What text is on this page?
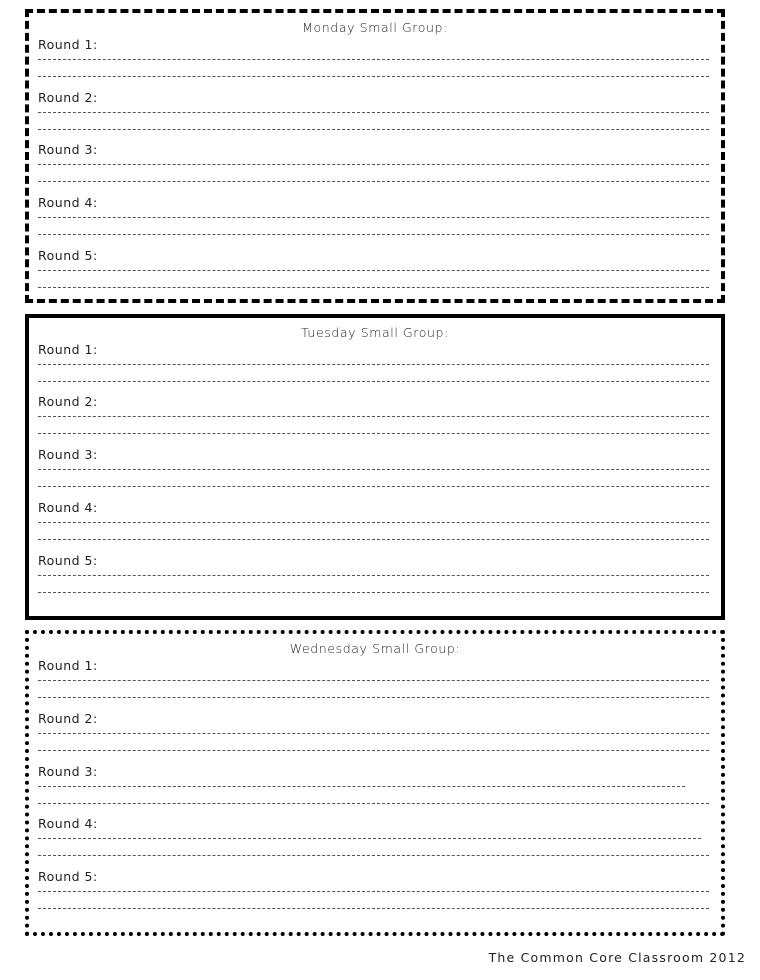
Monday Small Group:
Round 1:
Round 2:
Round 3:
Round 4:
Round 5:
Tuesday Small Group:
Round 1:
Round 2:
Round 3:
Round 4:
Round 5:
Wednesday Small Group:
Round 1:
Round 2:
Round 3:
Round 4:
Round 5:
The Common Core Classroom 2012
